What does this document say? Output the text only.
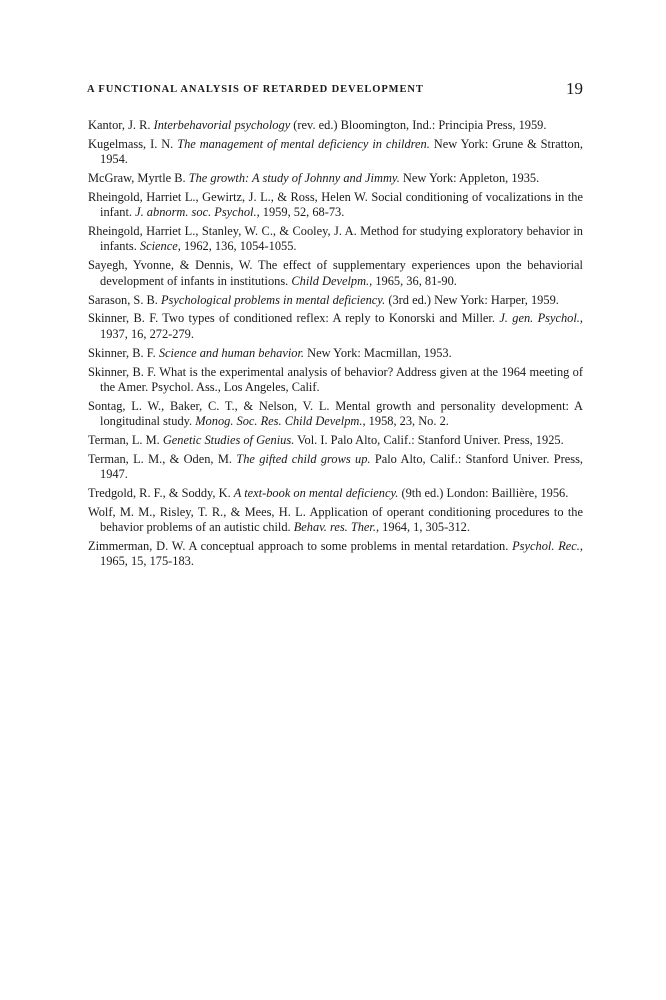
A FUNCTIONAL ANALYSIS OF RETARDED DEVELOPMENT	19
Kantor, J. R. Interbehavorial psychology (rev. ed.) Bloomington, Ind.: Principia Press, 1959.
Kugelmass, I. N. The management of mental deficiency in children. New York: Grune & Stratton, 1954.
McGraw, Myrtle B. The growth: A study of Johnny and Jimmy. New York: Appleton, 1935.
Rheingold, Harriet L., Gewirtz, J. L., & Ross, Helen W. Social conditioning of vocalizations in the infant. J. abnorm. soc. Psychol., 1959, 52, 68-73.
Rheingold, Harriet L., Stanley, W. C., & Cooley, J. A. Method for studying exploratory behavior in infants. Science, 1962, 136, 1054-1055.
Sayegh, Yvonne, & Dennis, W. The effect of supplementary experiences upon the behaviorial development of infants in institutions. Child Develpm., 1965, 36, 81-90.
Sarason, S. B. Psychological problems in mental deficiency. (3rd ed.) New York: Harper, 1959.
Skinner, B. F. Two types of conditioned reflex: A reply to Konorski and Miller. J. gen. Psychol., 1937, 16, 272-279.
Skinner, B. F. Science and human behavior. New York: Macmillan, 1953.
Skinner, B. F. What is the experimental analysis of behavior? Address given at the 1964 meeting of the Amer. Psychol. Ass., Los Angeles, Calif.
Sontag, L. W., Baker, C. T., & Nelson, V. L. Mental growth and personality development: A longitudinal study. Monog. Soc. Res. Child Develpm., 1958, 23, No. 2.
Terman, L. M. Genetic Studies of Genius. Vol. I. Palo Alto, Calif.: Stanford Univer. Press, 1925.
Terman, L. M., & Oden, M. The gifted child grows up. Palo Alto, Calif.: Stanford Univer. Press, 1947.
Tredgold, R. F., & Soddy, K. A text-book on mental deficiency. (9th ed.) London: Baillière, 1956.
Wolf, M. M., Risley, T. R., & Mees, H. L. Application of operant conditioning procedures to the behavior problems of an autistic child. Behav. res. Ther., 1964, 1, 305-312.
Zimmerman, D. W. A conceptual approach to some problems in mental retardation. Psychol. Rec., 1965, 15, 175-183.
